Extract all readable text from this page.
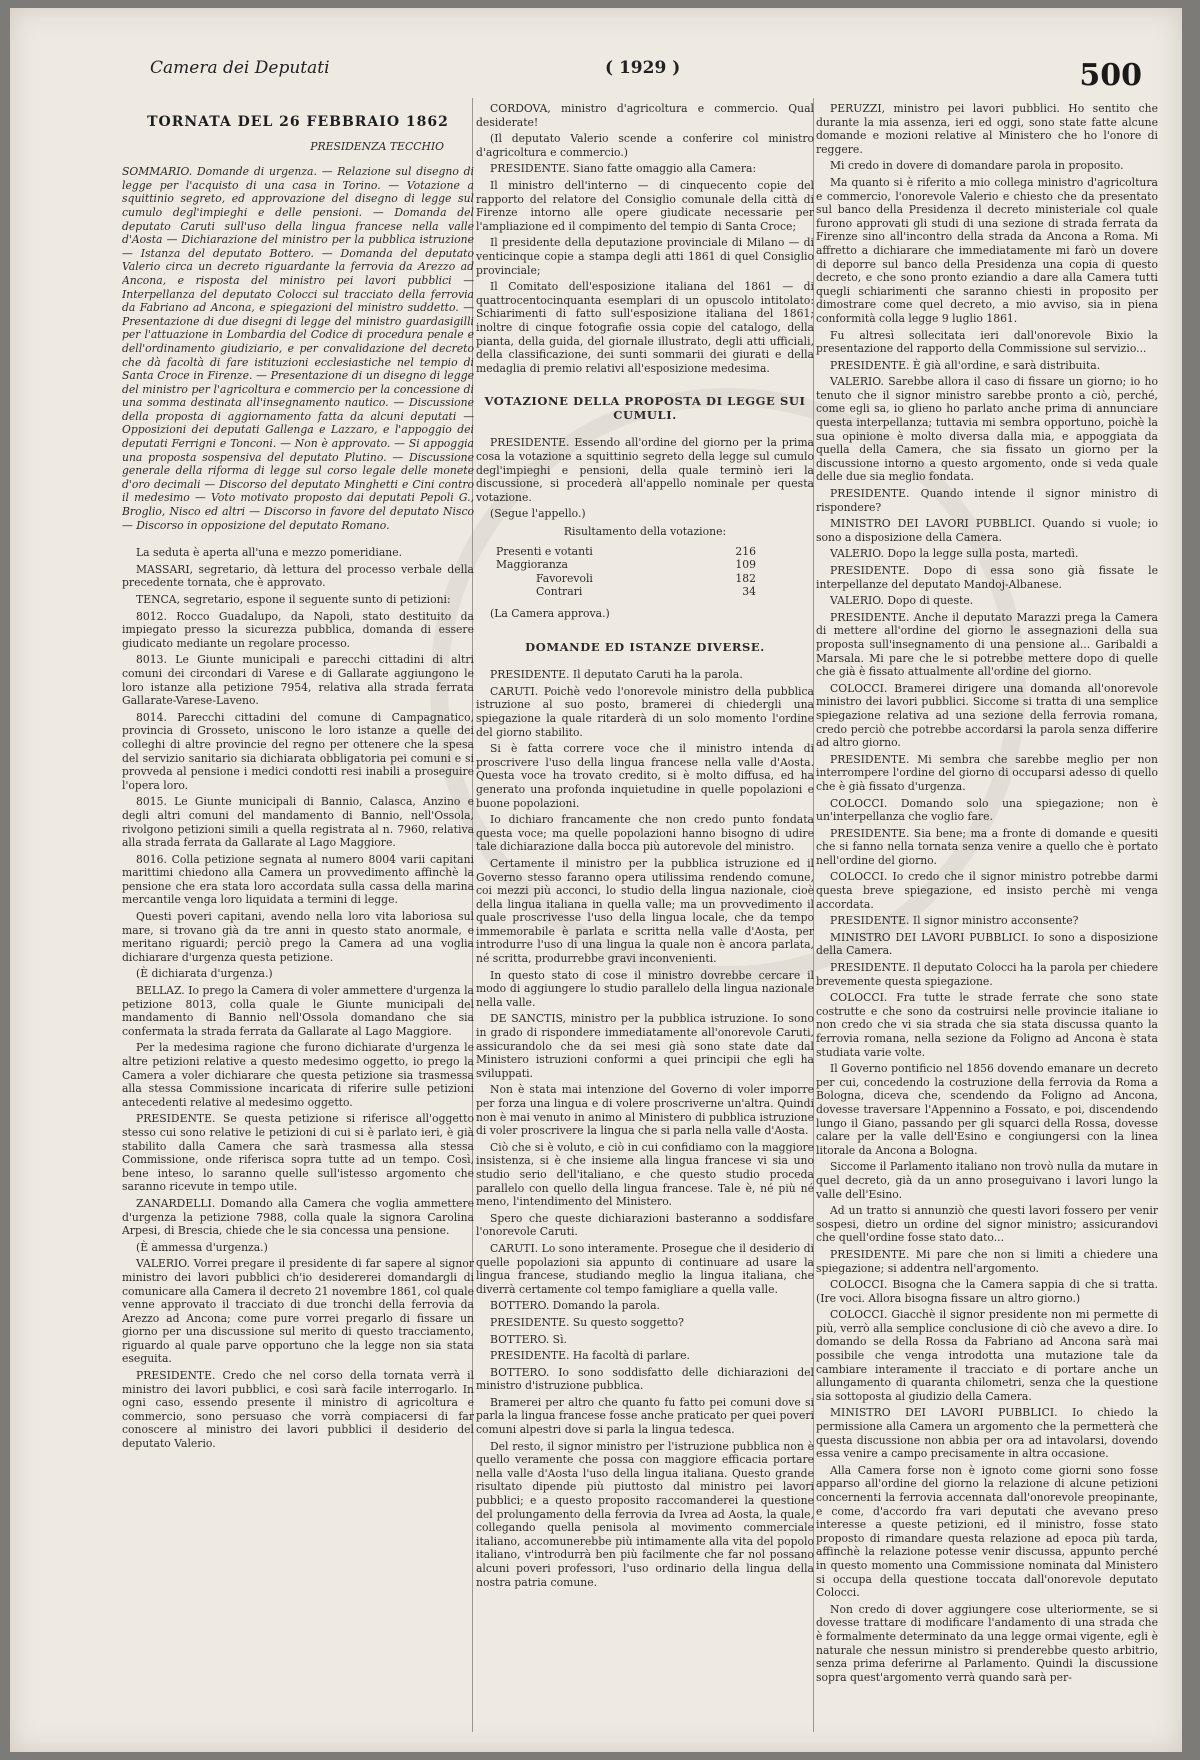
Camera dei Deputati	( 1929 )	500
TORNATA DEL 26 FEBBRAIO 1862
PRESIDENZA TECCHIO
SOMMARIO. Domande di urgenza. — Relazione sul disegno di legge per l'acquisto di una casa in Torino. — Votazione a squittinio segreto, ed approvazione del disegno di legge sul cumulo degl'impieghi e delle pensioni. — Domanda del deputato Caruti sull'uso della lingua francese nella valle d'Aosta — Dichiarazione del ministro per la pubblica istruzione — Istanza del deputato Bottero. — Domanda del deputato Valerio circa un decreto riguardante la ferrovia da Arezzo ad Ancona, e risposta del ministro pei lavori pubblici — Interpellanza del deputato Colocci sul tracciato della ferrovia da Fabriano ad Ancona, e spiegazioni del ministro suddetto. — Presentazione di due disegni di legge del ministro guardasigilli per l'attuazione in Lombardia del Codice di procedura penale e dell'ordinamento giudiziario, e per convalidazione del decreto che dà facoltà di fare istituzioni ecclesiastiche nel tempio di Santa Croce in Firenze. — Presentazione di un disegno di legge del ministro per l'agricoltura e commercio per la concessione di una somma destinata all'insegnamento nautico. — Discussione della proposta di aggiornamento fatta da alcuni deputati — Opposizioni dei deputati Gallenga e Lazzaro, e l'appoggio dei deputati Ferrigni e Tonconi. — Non è approvato. — Si appoggia una proposta sospensiva del deputato Plutino. — Discussione generale della riforma di legge sul corso legale delle monete d'oro decimali — Discorso del deputato Minghetti e Cini contro il medesimo — Voto motivato proposto dai deputati Pepoli G., Broglio, Nisco ed altri — Discorso in favore del deputato Nisco — Discorso in opposizione del deputato Romano.
La seduta è aperta all'una e mezzo pomeridiane.
MASSARI, segretario, dà lettura del processo verbale della precedente tornata, che è approvato.
TENCA, segretario, espone il seguente sunto di petizioni:
8012. Rocco Guadalupo, da Napoli, stato destituito da impiegato presso la sicurezza pubblica, domanda di essere giudicato mediante un regolare processo.
8013. Le Giunte municipali e parecchi cittadini di altri comuni dei circondari di Varese e di Gallarate aggiungono le loro istanze alla petizione 7954, relativa alla strada ferrata Gallarate-Varese-Laveno.
8014. Parecchi cittadini del comune di Campagnatico, provincia di Grosseto, uniscono le loro istanze a quelle dei colleghi di altre provincie del regno per ottenere che la spesa del servizio sanitario sia dichiarata obbligatoria pei comuni e si provveda al pensione i medici condotti resi inabili a proseguire l'opera loro.
8015. Le Giunte municipali di Bannio, Calasca, Anzino e degli altri comuni del mandamento di Bannio, nell'Ossola, rivolgono petizioni simili a quella registrata al n. 7960, relativa alla strada ferrata da Gallarate al Lago Maggiore.
8016. Colla petizione segnata al numero 8004 varii capitani marittimi chiedono alla Camera un provvedimento affinchè la pensione che era stata loro accordata sulla cassa della marina mercantile venga loro liquidata a termini di legge.
Questi poveri capitani, avendo nella loro vita laboriosa sul mare, si trovano già da tre anni in questo stato anormale, e meritano riguardi; perciò prego la Camera ad una voglia dichiarare d'urgenza questa petizione.
(È dichiarata d'urgenza.)
BELLAZ. Io prego la Camera di voler ammettere d'urgenza la petizione 8013, colla quale le Giunte municipali del mandamento di Bannio nell'Ossola domandano che sia confermata la strada ferrata da Gallarate al Lago Maggiore.
Per la medesima ragione che furono dichiarate d'urgenza le altre petizioni relative a questo medesimo oggetto, io prego la Camera a voler dichiarare che questa petizione sia trasmessa alla stessa Commissione incaricata di riferire sulle petizioni antecedenti relative al medesimo oggetto.
PRESIDENTE. Se questa petizione si riferisce all'oggetto stesso cui sono relative le petizioni di cui si è parlato ieri, è già stabilito dalla Camera che sarà trasmessa alla stessa Commissione, onde riferisca sopra tutte ad un tempo. Così, bene inteso, lo saranno quelle sull'istesso argomento che saranno ricevute in tempo utile.
ZANARDELLI. Domando alla Camera che voglia ammettere d'urgenza la petizione 7988, colla quale la signora Carolina Arpesi, di Brescia, chiede che le sia concessa una pensione.
(È ammessa d'urgenza.)
VALERIO. Vorrei pregare il presidente di far sapere al signor ministro dei lavori pubblici ch'io desidererei domandargli di comunicare alla Camera il decreto 21 novembre 1861, col quale venne approvato il tracciato di due tronchi della ferrovia da Arezzo ad Ancona; come pure vorrei pregarlo di fissare un giorno per una discussione sul merito di questo tracciamento, riguardo al quale parve opportuno che la legge non sia stata eseguita.
PRESIDENTE. Credo che nel corso della tornata verrà il ministro dei lavori pubblici, e così sarà facile interrogarlo. In ogni caso, essendo presente il ministro di agricoltura e commercio, sono persuaso che vorrà compiacersi di far conoscere al ministro dei lavori pubblici il desiderio del deputato Valerio.
CORDOVA, ministro d'agricoltura e commercio. Qual desiderate!
(Il deputato Valerio scende a conferire col ministro d'agricoltura e commercio.)
PRESIDENTE. Siano fatte omaggio alla Camera:
Il ministro dell'interno — di cinquecento copie del rapporto del relatore del Consiglio comunale della città di Firenze intorno alle opere giudicate necessarie per l'ampliazione ed il compimento del tempio di Santa Croce;
Il presidente della deputazione provinciale di Milano — di venticinque copie a stampa degli atti 1861 di quel Consiglio provinciale;
Il Comitato dell'esposizione italiana del 1861 — di quattrocentocinquanta esemplari di un opuscolo intitolato: Schiarimenti di fatto sull'esposizione italiana del 1861; inoltre di cinque fotografie ossia copie del catalogo, della pianta, della guida, del giornale illustrato, degli atti ufficiali, della classificazione, dei sunti sommarii dei giurati e della medaglia di premio relativi all'esposizione medesima.
VOTAZIONE DELLA PROPOSTA DI LEGGE SUI CUMULI.
PRESIDENTE. Essendo all'ordine del giorno per la prima cosa la votazione a squittinio segreto della legge sul cumulo degl'impieghi e pensioni, della quale terminò ieri la discussione, si procederà all'appello nominale per questa votazione.
(Segue l'appello.)
Risultamento della votazione:
Presenti e votanti	216
Maggioranza	109
Favorevoli	182
Contrari	34
(La Camera approva.)
DOMANDE ED ISTANZE DIVERSE.
PRESIDENTE. Il deputato Caruti ha la parola.
CARUTI. Poichè vedo l'onorevole ministro della pubblica istruzione al suo posto, bramerei di chiedergli una spiegazione la quale ritarderà di un solo momento l'ordine del giorno stabilito.
Si è fatta correre voce che il ministro intenda di proscrivere l'uso della lingua francese nella valle d'Aosta. Questa voce ha trovato credito, si è molto diffusa, ed ha generato una profonda inquietudine in quelle popolazioni e buone popolazioni.
Io dichiaro francamente che non credo punto fondata questa voce; ma quelle popolazioni hanno bisogno di udire tale dichiarazione dalla bocca più autorevole del ministro.
Certamente il ministro per la pubblica istruzione ed il Governo stesso faranno opera utilissima rendendo comune, coi mezzi più acconci, lo studio della lingua nazionale, cioè della lingua italiana in quella valle; ma un provvedimento il quale proscrivesse l'uso della lingua locale, che da tempo immemorabile è parlata e scritta nella valle d'Aosta, per introdurre l'uso di una lingua la quale non è ancora parlata, né scritta, produrrebbe gravi inconvenienti.
In questo stato di cose il ministro dovrebbe cercare il modo di aggiungere lo studio parallelo della lingua nazionale nella valle.
DE SANCTIS, ministro per la pubblica istruzione. Io sono in grado di rispondere immediatamente all'onorevole Caruti, assicurandolo che da sei mesi già sono state date dal Ministero istruzioni conformi a quei principii che egli ha sviluppati.
Non è stata mai intenzione del Governo di voler imporre per forza una lingua e di volere proscriverne un'altra. Quindi non è mai venuto in animo al Ministero di pubblica istruzione di voler proscrivere la lingua che si parla nella valle d'Aosta.
Ciò che si è voluto, e ciò in cui confidiamo con la maggiore insistenza, si è che insieme alla lingua francese vi sia uno studio serio dell'italiano, e che questo studio proceda parallelo con quello della lingua francese. Tale è, né più né meno, l'intendimento del Ministero.
Spero che queste dichiarazioni basteranno a soddisfare l'onorevole Caruti.
CARUTI. Lo sono interamente. Prosegue che il desiderio di quelle popolazioni sia appunto di continuare ad usare la lingua francese, studiando meglio la lingua italiana, che diverrà certamente col tempo famigliare a quella valle.
BOTTERO. Domando la parola.
PRESIDENTE. Su questo soggetto?
BOTTERO. Sì.
PRESIDENTE. Ha facoltà di parlare.
BOTTERO. Io sono soddisfatto delle dichiarazioni del ministro d'istruzione pubblica.
Bramerei per altro che quanto fu fatto pei comuni dove si parla la lingua francese fosse anche praticato per quei poveri comuni alpestri dove si parla la lingua tedesca.
Del resto, il signor ministro per l'istruzione pubblica non è quello veramente che possa con maggiore efficacia portare nella valle d'Aosta l'uso della lingua italiana. Questo grande risultato dipende più piuttosto dal ministro pei lavori pubblici; e a questo proposito raccomanderei la questione del prolungamento della ferrovia da Ivrea ad Aosta, la quale, collegando quella penisola al movimento commerciale italiano, accomunerebbe più intimamente alla vita del popolo italiano, v'introdurrà ben più facilmente che far nol possano alcuni poveri professori, l'uso ordinario della lingua della nostra patria comune.
PERUZZI, ministro pei lavori pubblici. Ho sentito che durante la mia assenza, ieri ed oggi, sono state fatte alcune domande e mozioni relative al Ministero che ho l'onore di reggere.
Mi credo in dovere di domandare parola in proposito.
Ma quanto si è riferito a mio collega ministro d'agricoltura e commercio, l'onorevole Valerio e chiesto che da presentato sul banco della Presidenza il decreto ministeriale col quale furono approvati gli studi di una sezione di strada ferrata da Firenze sino all'incontro della strada da Ancona a Roma. Mi affretto a dichiarare che immediatamente mi farò un dovere di deporre sul banco della Presidenza una copia di questo decreto, e che sono pronto eziandio a dare alla Camera tutti quegli schiarimenti che saranno chiesti in proposito per dimostrare come quel decreto, a mio avviso, sia in piena conformità colla legge 9 luglio 1861.
Fu altresì sollecitata ieri dall'onorevole Bixio la presentazione del rapporto della Commissione sul servizio...
PRESIDENTE. È già all'ordine, e sarà distribuita.
VALERIO. Sarebbe allora il caso di fissare un giorno; io ho tenuto che il signor ministro sarebbe pronto a ciò, perché, come egli sa, io glieno ho parlato anche prima di annunciare questa interpellanza; tuttavia mi sembra opportuno, poichè la sua opinione è molto diversa dalla mia, e appoggiata da quella della Camera, che sia fissato un giorno per la discussione intorno a questo argomento, onde si veda quale delle due sia meglio fondata.
PRESIDENTE. Quando intende il signor ministro di rispondere?
MINISTRO DEI LAVORI PUBBLICI. Quando si vuole; io sono a disposizione della Camera.
VALERIO. Dopo la legge sulla posta, martedì.
PRESIDENTE. Dopo di essa sono già fissate le interpellanze del deputato Mandoj-Albanese.
VALERIO. Dopo di queste.
PRESIDENTE. Anche il deputato Marazzi prega la Camera di mettere all'ordine del giorno le assegnazioni della sua proposta sull'insegnamento di una pensione al... Garibaldi a Marsala. Mi pare che le si potrebbe mettere dopo di quelle che già è fissato attualmente all'ordine del giorno.
COLOCCI. Bramerei dirigere una domanda all'onorevole ministro dei lavori pubblici. Siccome si tratta di una semplice spiegazione relativa ad una sezione della ferrovia romana, credo perciò che potrebbe accordarsi la parola senza differire ad altro giorno.
PRESIDENTE. Mi sembra che sarebbe meglio per non interrompere l'ordine del giorno di occuparsi adesso di quello che è già fissato d'urgenza.
COLOCCI. Domando solo una spiegazione; non è un'interpellanza che voglio fare.
PRESIDENTE. Sia bene; ma a fronte di domande e quesiti che si fanno nella tornata senza venire a quello che è portato nell'ordine del giorno.
COLOCCI. Io credo che il signor ministro potrebbe darmi questa breve spiegazione, ed insisto perchè mi venga accordata.
PRESIDENTE. Il signor ministro acconsente?
MINISTRO DEI LAVORI PUBBLICI. Io sono a disposizione della Camera.
PRESIDENTE. Il deputato Colocci ha la parola per chiedere brevemente questa spiegazione.
COLOCCI. Fra tutte le strade ferrate che sono state costrutte e che sono da costruirsi nelle provincie italiane io non credo che vi sia strada che sia stata discussa quanto la ferrovia romana, nella sezione da Foligno ad Ancona è stata studiata varie volte.
Il Governo pontificio nel 1856 dovendo emanare un decreto per cui, concedendo la costruzione della ferrovia da Roma a Bologna, diceva che, scendendo da Foligno ad Ancona, dovesse traversare l'Appennino a Fossato, e poi, discendendo lungo il Giano, passando per gli squarci della Rossa, dovesse calare per la valle dell'Esino e congiungersi con la linea litorale da Ancona a Bologna.
Siccome il Parlamento italiano non trovò nulla da mutare in quel decreto, già da un anno proseguivano i lavori lungo la valle dell'Esino.
Ad un tratto si annunziò che questi lavori fossero per venir sospesi, dietro un ordine del signor ministro; assicurandovi che quell'ordine fosse stato dato...
PRESIDENTE. Mi pare che non si limiti a chiedere una spiegazione; si addentra nell'argomento.
COLOCCI. Bisogna che la Camera sappia di che si tratta. (Ire voci. Allora bisogna fissare un altro giorno.)
COLOCCI. Giacchè il signor presidente non mi permette di più, verrò alla semplice conclusione di ciò che avevo a dire. Io domando se della Rossa da Fabriano ad Ancona sarà mai possibile che venga introdotta una mutazione tale da cambiare interamente il tracciato e di portare anche un allungamento di quaranta chilometri, senza che la questione sia sottoposta al giudizio della Camera.
MINISTRO DEI LAVORI PUBBLICI. Io chiedo la permissione alla Camera un argomento che la permetterà che questa discussione non abbia per ora ad intavolarsi, dovendo essa venire a campo precisamente in altra occasione.
Alla Camera forse non è ignoto come giorni sono fosse apparso all'ordine del giorno la relazione di alcune petizioni concernenti la ferrovia accennata dall'onorevole preopinante, e come, d'accordo fra vari deputati che avevano preso interesse a queste petizioni, ed il ministro, fosse stato proposto di rimandare questa relazione ad epoca più tarda, affinchè la relazione potesse venir discussa, appunto perché in questo momento una Commissione nominata dal Ministero si occupa della questione toccata dall'onorevole deputato Colocci.
Non credo di dover aggiungere cose ulteriormente, se si dovesse trattare di modificare l'andamento di una strada che è formalmente determinato da una legge ormai vigente, egli è naturale che nessun ministro si prenderebbe questo arbitrio, senza prima deferirne al Parlamento. Quindi la discussione sopra quest'argomento verrà quando sarà per-
